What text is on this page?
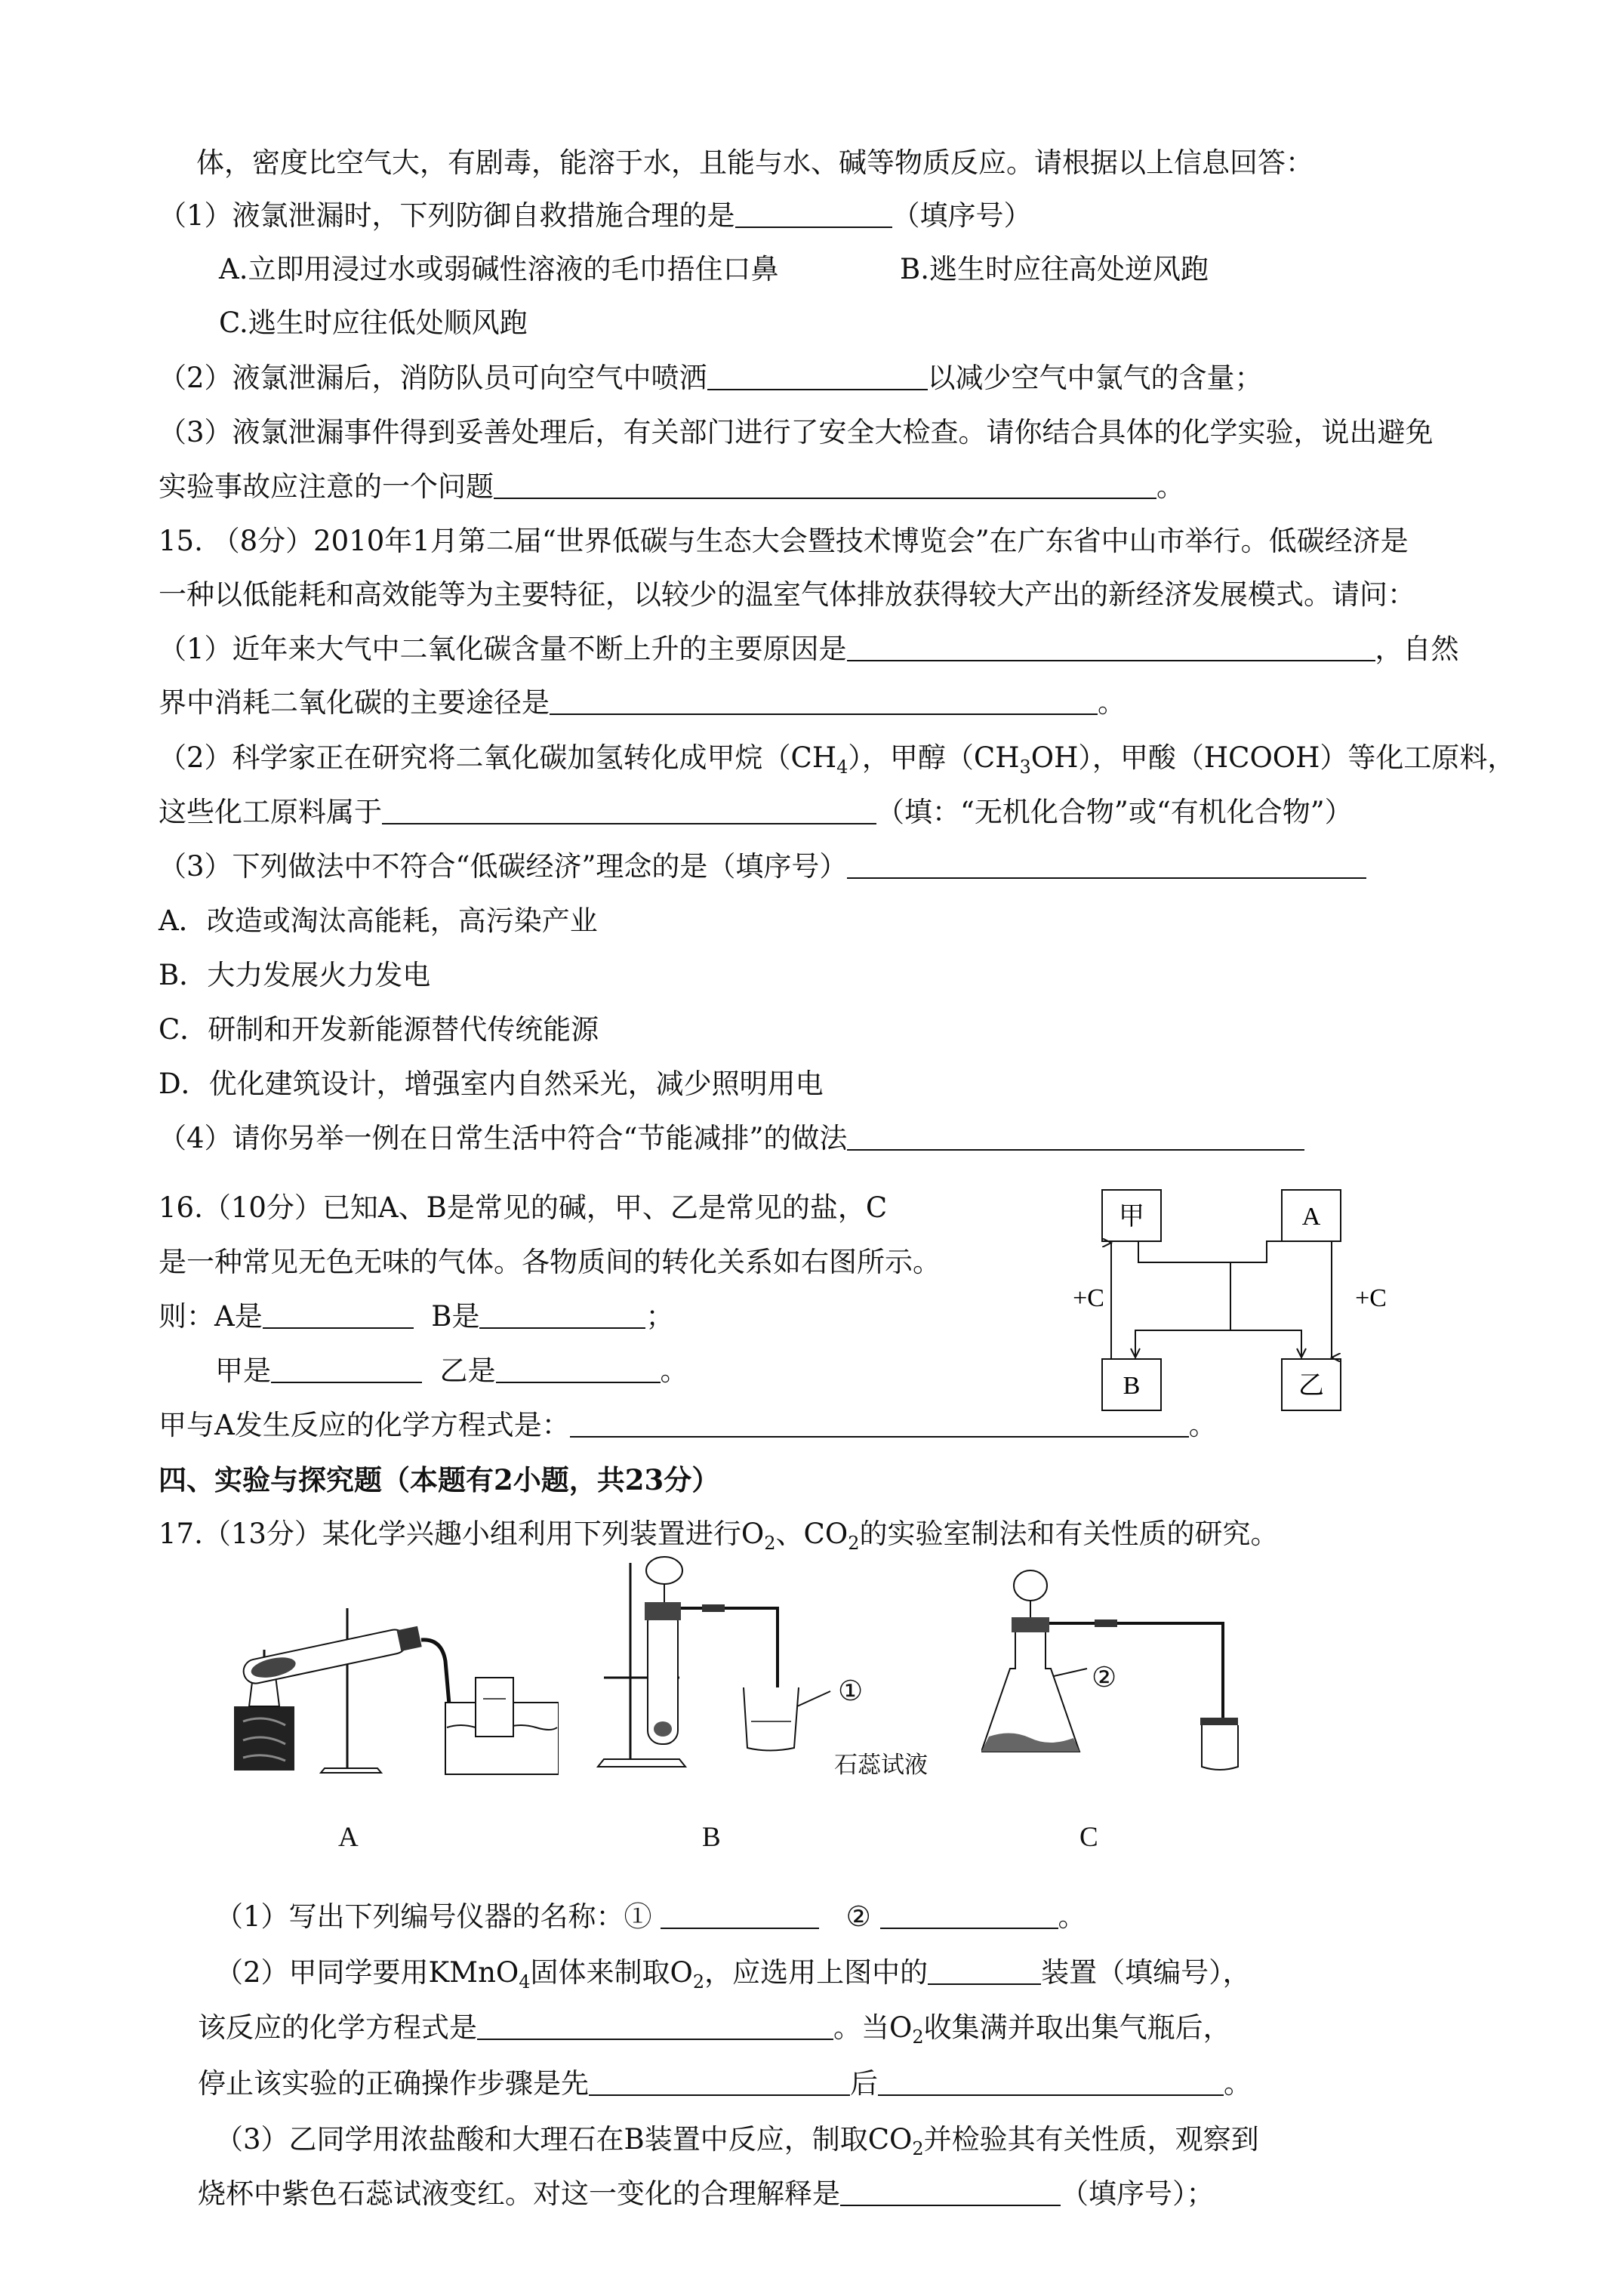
体，密度比空气大，有剧毒，能溶于水，且能与水、碱等物质反应。请根据以上信息回答：
（1）液氯泄漏时，下列防御自救措施合理的是	（填序号）
A.立即用浸过水或弱碱性溶液的毛巾捂住口鼻	B.逃生时应往高处逆风跑
C.逃生时应往低处顺风跑
（2）液氯泄漏后，消防队员可向空气中喷洒	以减少空气中氯气的含量；
（3）液氯泄漏事件得到妥善处理后，有关部门进行了安全大检查。请你结合具体的化学实验，说出避免
实验事故应注意的一个问题	。
15. （8分）2010年1月第二届“世界低碳与生态大会暨技术博览会”在广东省中山市举行。低碳经济是
一种以低能耗和高效能等为主要特征，以较少的温室气体排放获得较大产出的新经济发展模式。请问：
（1）近年来大气中二氧化碳含量不断上升的主要原因是	，自然
界中消耗二氧化碳的主要途径是	。
（2）科学家正在研究将二氧化碳加氢转化成甲烷$(CH_4)$，甲醇$(CH_3OH)$，甲酸（HCOOH）等化工原料，
这些化工原料属于	（填：“无机化合物”或“有机化合物”）
（3）下列做法中不符合“低碳经济”理念的是（填序号）
A．改造或淘汰高能耗，高污染产业
B．大力发展火力发电
C．研制和开发新能源替代传统能源
D．优化建筑设计，增强室内自然采光，减少照明用电
（4）请你另举一例在日常生活中符合“节能减排”的做法
16.（10分）已知A、B是常见的碱，甲、乙是常见的盐，C
是一种常见无色无味的气体。各物质间的转化关系如右图所示。
则：A是	B是	；
甲是	乙是	。
甲与A发生反应的化学方程式是：	。
四、实验与探究题（本题有2小题，共23分）
17.（13分）某化学兴趣小组利用下列装置进行$O_2$、$CO_2$的实验室制法和有关性质的研究。
甲	A
B	乙
+C	+C
①
石蕊试液
②
A	B	C
（1）写出下列编号仪器的名称：①	②	。
（2）甲同学要用KMnO$_4$固体来制取$O_2$，应选用上图中的	装置（填编号），
该反应的化学方程式是	。当$O_2$收集满并取出集气瓶后，
停止该实验的正确操作步骤是先	后	。
（3）乙同学用浓盐酸和大理石在B装置中反应，制取$CO_2$并检验其有关性质，观察到
烧杯中紫色石蕊试液变红。对这一变化的合理解释是	（填序号）；
